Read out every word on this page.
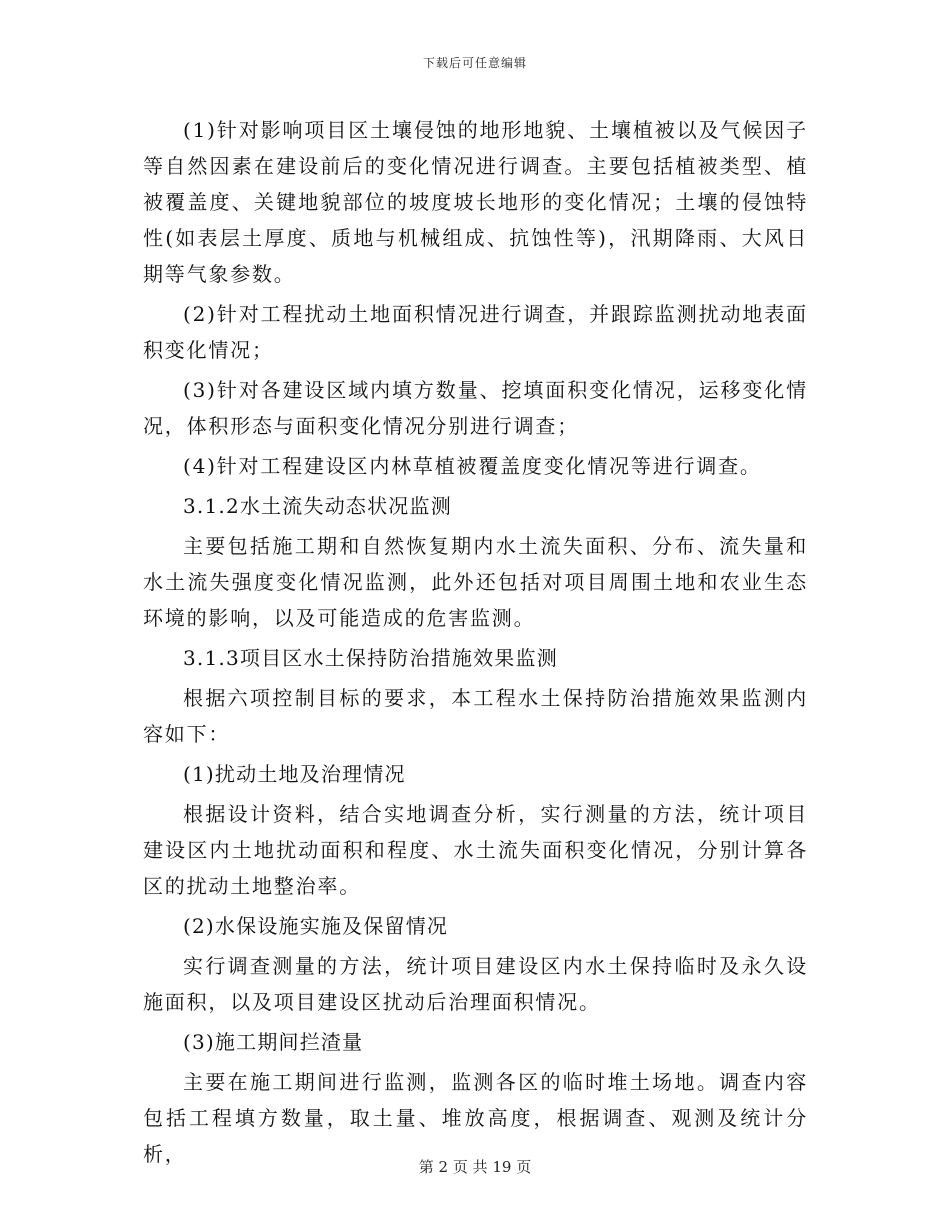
下载后可任意编辑

(1)针对影响项目区土壤侵蚀的地形地貌、土壤植被以及气候因子等自然因素在建设前后的变化情况进行调查。主要包括植被类型、植被覆盖度、关键地貌部位的坡度坡长地形的变化情况；土壤的侵蚀特性(如表层土厚度、质地与机械组成、抗蚀性等)，汛期降雨、大风日期等气象参数。

(2)针对工程扰动土地面积情况进行调查，并跟踪监测扰动地表面积变化情况；

(3)针对各建设区域内填方数量、挖填面积变化情况，运移变化情况，体积形态与面积变化情况分别进行调查；

(4)针对工程建设区内林草植被覆盖度变化情况等进行调查。

3.1.2水土流失动态状况监测

主要包括施工期和自然恢复期内水土流失面积、分布、流失量和水土流失强度变化情况监测，此外还包括对项目周围土地和农业生态环境的影响，以及可能造成的危害监测。

3.1.3项目区水土保持防治措施效果监测

根据六项控制目标的要求，本工程水土保持防治措施效果监测内容如下：

(1)扰动土地及治理情况

根据设计资料，结合实地调查分析，实行测量的方法，统计项目建设区内土地扰动面积和程度、水土流失面积变化情况，分别计算各区的扰动土地整治率。

(2)水保设施实施及保留情况

实行调查测量的方法，统计项目建设区内水土保持临时及永久设施面积，以及项目建设区扰动后治理面积情况。

(3)施工期间拦渣量

主要在施工期间进行监测，监测各区的临时堆土场地。调查内容包括工程填方数量，取土量、堆放高度，根据调查、观测及统计分析，

第 2 页 共 19 页
